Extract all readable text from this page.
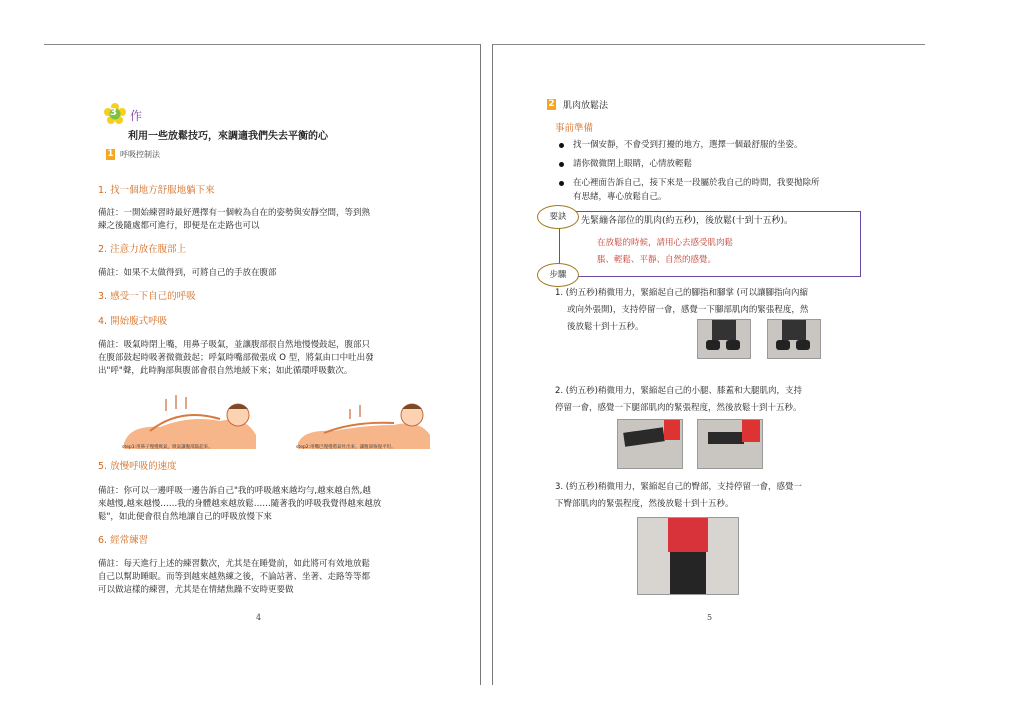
3 作
利用一些放鬆技巧，來調適我們失去平衡的心
1 呼吸控制法
1. 找一個地方舒服地躺下來
備註：一開始練習時最好選擇有一個較為自在的姿勢與安靜空間，等到熟
練之後隨處都可進行，即便是在走路也可以
2. 注意力放在腹部上
備註：如果不太做得到，可將自己的手放在腹部
3. 感受一下自己的呼吸
4. 開始腹式呼吸
備註：吸氣時閉上嘴，用鼻子吸氣，並讓腹部很自然地慢慢鼓起，腹部只
在腹部鼓起時吸著微微鼓起；呼氣時嘴部微張成 O 型，將氣由口中吐出發
出"呼"聲，此時胸部與腹部會很自然地緩下來；如此循環呼吸數次。
step1:用鼻子慢慢吸氣，吸氣讓腹部鼓起來。	step2:用嘴巴慢慢將氣吐出來，讓腹部恢復平坦。
5. 放慢呼吸的速度
備註：你可以一邊呼吸一邊告訴自己"我的呼吸越來越均勻,越來越自然,越
來越慢,越來越慢……我的身體越來越放鬆……隨著我的呼吸我覺得越來越放
鬆"，如此便會很自然地讓自己的呼吸放慢下來
6. 經常練習
備註：每天進行上述的練習數次，尤其是在睡覺前，如此將可有效地放鬆
自己以幫助睡眠。而等到越來越熟練之後，不論站著、坐著、走路等等都
可以做這樣的練習，尤其是在情緒焦躁不安時更要做
4
2 肌肉放鬆法
事前準備
找一個安靜，不會受到打擾的地方，選擇一個最舒服的坐姿。
請你微微閉上眼睛，心情放輕鬆
在心裡面告訴自己，接下來是一段屬於我自己的時間，我要拋除所
有思緒，專心放鬆自己。
要訣	先緊繃各部位的肌肉(約五秒)，後放鬆(十到十五秒)。
在放鬆的時候，請用心去感受肌肉鬆
脹、輕鬆、平靜、自然的感覺。
步驟
1. (約五秒)稍微用力，緊縮起自己的腳指和腳掌 (可以讓腳指向內縮
或向外張開)，支持停留一會，感覺一下腳部肌肉的緊張程度，然
後放鬆十到十五秒。
2. (約五秒)稍微用力，緊縮起自己的小腿、膝蓋和大腿肌肉，支持
停留一會，感覺一下腿部肌肉的緊張程度，然後放鬆十到十五秒。
3. (約五秒)稍微用力，緊縮起自己的臀部，支持停留一會，感覺一
下臀部肌肉的緊張程度，然後放鬆十到十五秒。
5
